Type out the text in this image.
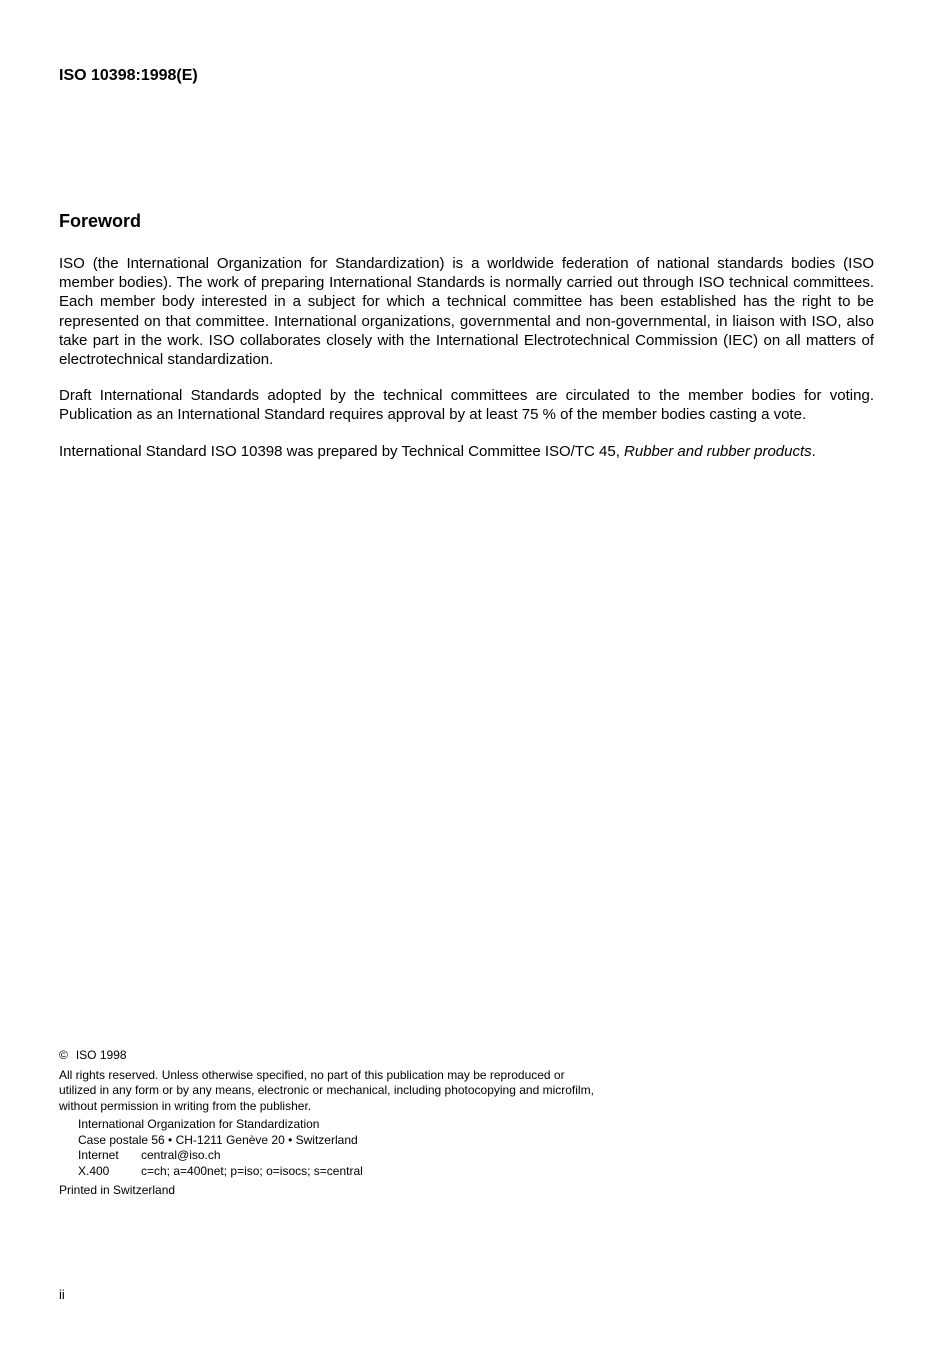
ISO 10398:1998(E)
Foreword

ISO (the International Organization for Standardization) is a worldwide federation of national standards bodies (ISO member bodies). The work of preparing International Standards is normally carried out through ISO technical committees. Each member body interested in a subject for which a technical committee has been established has the right to be represented on that committee. International organizations, governmental and non-governmental, in liaison with ISO, also take part in the work. ISO collaborates closely with the International Electrotechnical Commission (IEC) on all matters of electrotechnical standardization.

Draft International Standards adopted by the technical committees are circulated to the member bodies for voting. Publication as an International Standard requires approval by at least 75 % of the member bodies casting a vote.

International Standard ISO 10398 was prepared by Technical Committee ISO/TC 45, Rubber and rubber products.

© ISO 1998

All rights reserved. Unless otherwise specified, no part of this publication may be reproduced or utilized in any form or by any means, electronic or mechanical, including photocopying and microfilm, without permission in writing from the publisher.

International Organization for Standardization
Case postale 56 • CH-1211 Genève 20 • Switzerland
Internet central@iso.ch
X.400	c=ch; a=400net; p=iso; o=isocs; s=central

Printed in Switzerland

ii
